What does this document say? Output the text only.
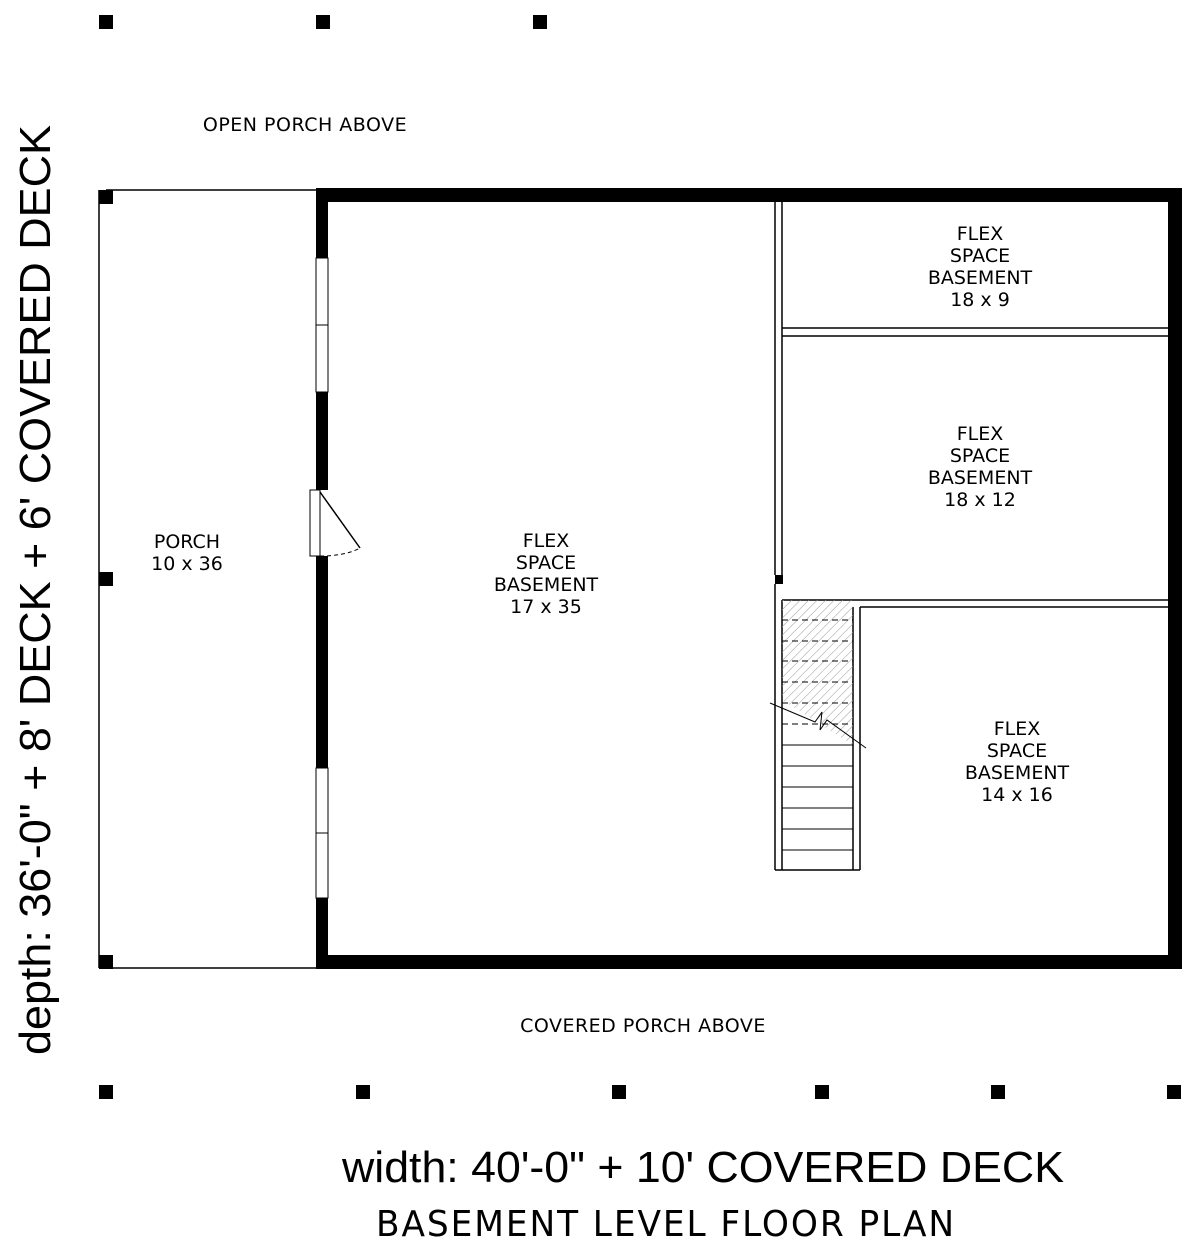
OPEN PORCH ABOVE
COVERED PORCH ABOVE
PORCH
10 x 36
FLEX
SPACE
BASEMENT
17 x 35
FLEX
SPACE
BASEMENT
18 x 9
FLEX
SPACE
BASEMENT
18 x 12
FLEX
SPACE
BASEMENT
14 x 16
depth: 36'-0" + 8' DECK + 6' COVERED DECK
width: 40'-0" + 10' COVERED DECK
BASEMENT LEVEL FLOOR PLAN
